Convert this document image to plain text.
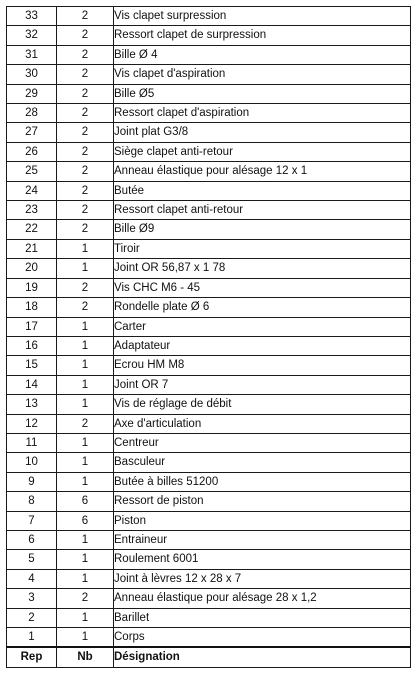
33	2	Vis clapet surpression
32	2	Ressort clapet de surpression
31	2	Bille Ø 4
30	2	Vis clapet d'aspiration
29	2	Bille Ø5
28	2	Ressort clapet d'aspiration
27	2	Joint plat G3/8
26	2	Siège clapet anti-retour
25	2	Anneau élastique pour alésage 12 x 1
24	2	Butée
23	2	Ressort clapet anti-retour
22	2	Bille Ø9
21	1	Tiroir
20	1	Joint OR 56,87 x 1 78
19	2	Vis CHC M6 - 45
18	2	Rondelle plate Ø 6
17	1	Carter
16	1	Adaptateur
15	1	Ecrou HM M8
14	1	Joint OR 7
13	1	Vis de réglage de débit
12	2	Axe d'articulation
11	1	Centreur
10	1	Basculeur
9	1	Butée à billes 51200
8	6	Ressort de piston
7	6	Piston
6	1	Entraineur
5	1	Roulement 6001
4	1	Joint à lèvres 12 x 28 x 7
3	2	Anneau élastique pour alésage 28 x 1,2
2	1	Barillet
1	1	Corps
Rep	Nb	Désignation
